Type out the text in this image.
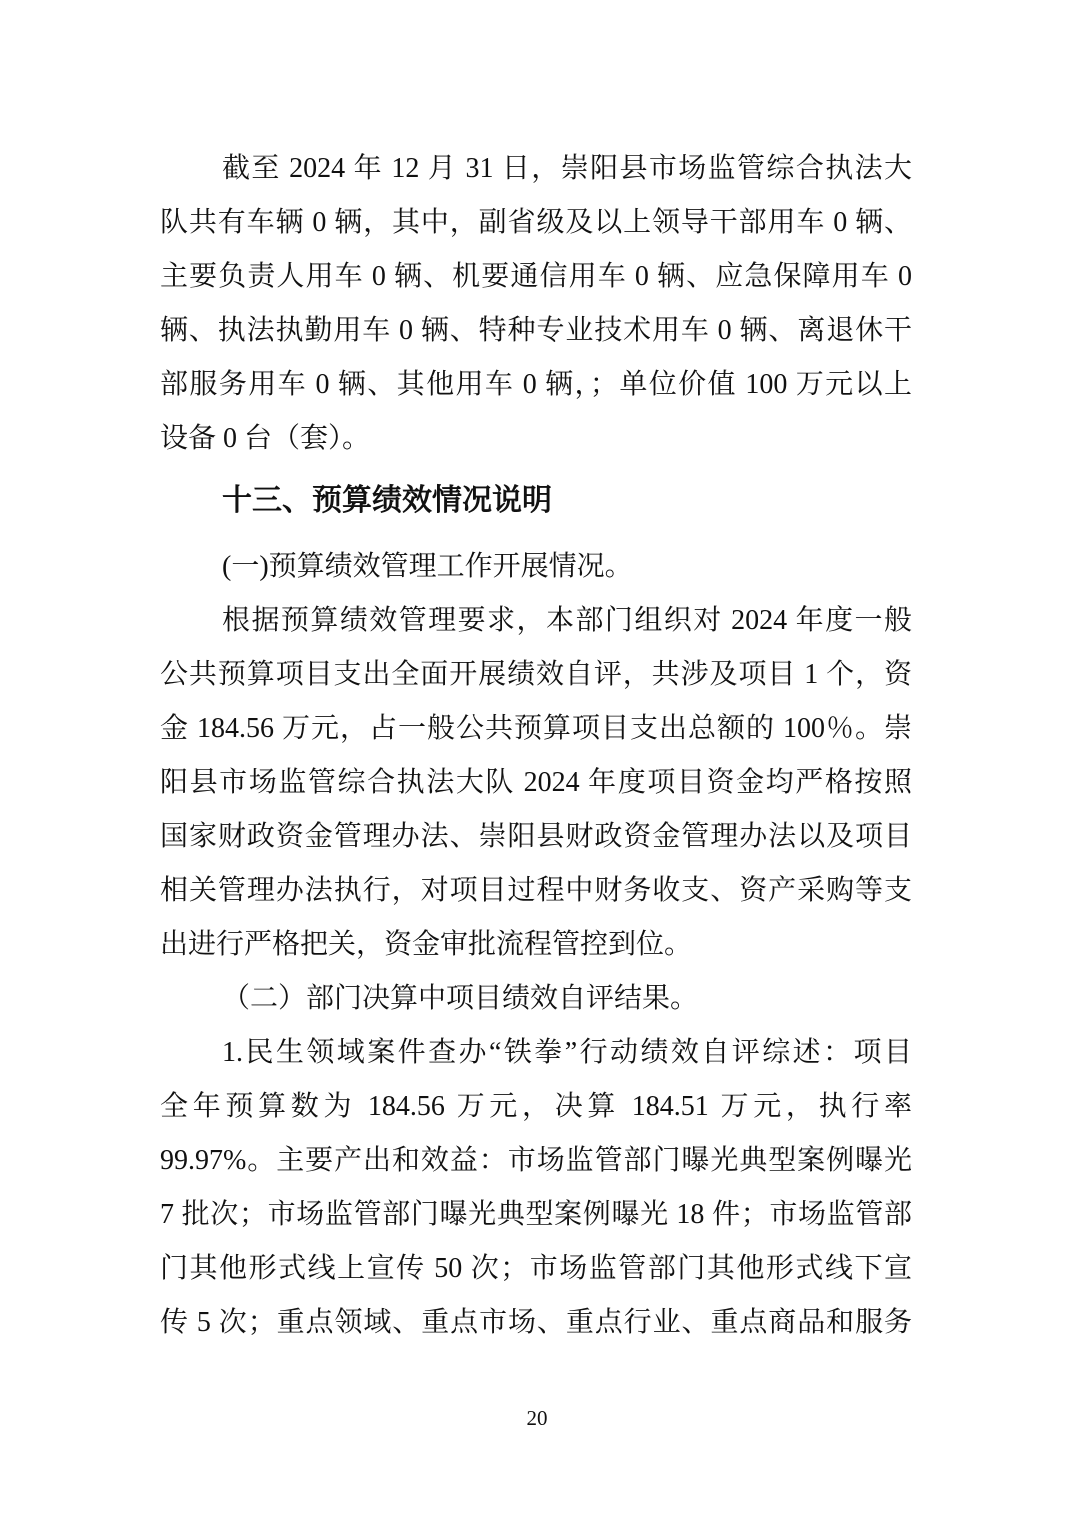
截至 2024 年 12 月 31 日，崇阳县市场监管综合执法大
队共有车辆 0 辆，其中，副省级及以上领导干部用车 0 辆、
主要负责人用车 0 辆、机要通信用车 0 辆、应急保障用车 0
辆、执法执勤用车 0 辆、特种专业技术用车 0 辆、离退休干
部服务用车 0 辆、其他用车 0 辆，；单位价值 100 万元以上
设备 0 台（套）。
十三、预算绩效情况说明
(一)预算绩效管理工作开展情况。
根据预算绩效管理要求，本部门组织对 2024 年度一般
公共预算项目支出全面开展绩效自评，共涉及项目 1 个，资
金 184.56 万元，占一般公共预算项目支出总额的 100％。崇
阳县市场监管综合执法大队 2024 年度项目资金均严格按照
国家财政资金管理办法、崇阳县财政资金管理办法以及项目
相关管理办法执行，对项目过程中财务收支、资产采购等支
出进行严格把关，资金审批流程管控到位。
（二）部门决算中项目绩效自评结果。
1.民生领域案件查办“铁拳”行动绩效自评综述：项目
全年预算数为 184.56 万元，决算 184.51 万元，执行率
99.97%。主要产出和效益：市场监管部门曝光典型案例曝光
7 批次；市场监管部门曝光典型案例曝光 18 件；市场监管部
门其他形式线上宣传 50 次；市场监管部门其他形式线下宣
传 5 次；重点领域、重点市场、重点行业、重点商品和服务
20
